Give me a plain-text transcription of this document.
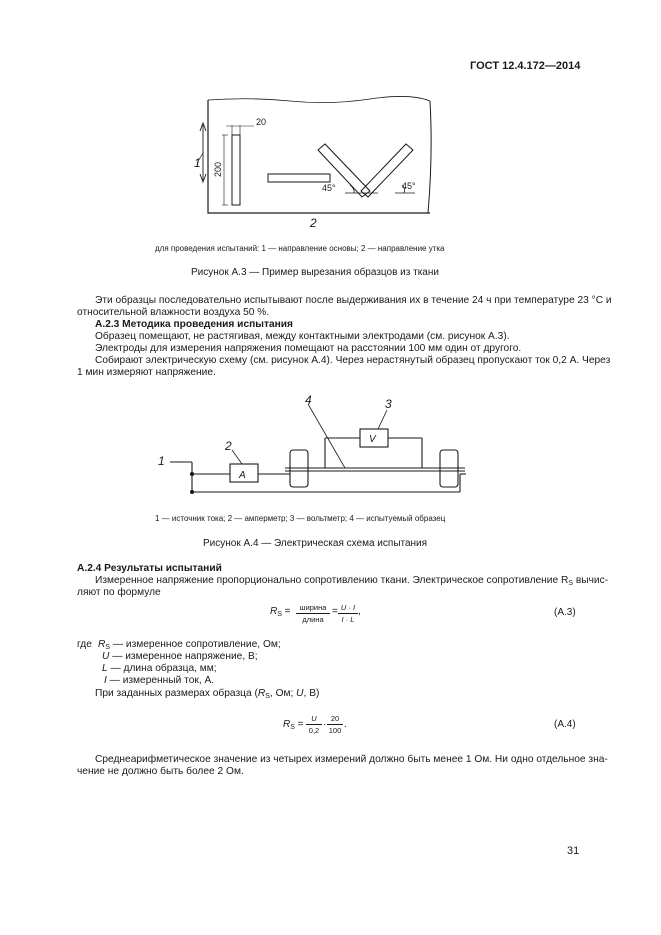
ГОСТ 12.4.172—2014
20
200
1
2
45°	45°
для проведения испытаний: 1 — направление основы; 2 — направление утка
Рисунок А.3 — Пример вырезания образцов из ткани
Эти образцы последовательно испытывают после выдерживания их в течение 24 ч при температуре 23 °С и
относительной влажности воздуха 50 %.
А.2.3 Методика проведения испытания
Образец помещают, не растягивая, между контактными электродами (см. рисунок А.3).
Электроды для измерения напряжения помещают на расстоянии 100 мм один от другого.
Собирают электрическую схему (см. рисунок А.4). Через нерастянутый образец пропускают ток 0,2 А. Через
1 мин измеряют напряжение.
1
2
3
4
A
V
1 — источник тока; 2 — амперметр; 3 — вольтметр; 4 — испытуемый образец
Рисунок А.4 — Электрическая схема испытания
А.2.4 Результаты испытаний
Измеренное напряжение пропорционально сопротивлению ткани. Электрическое сопротивление RS вычис-
ляют по формуле
$R_S$ =	ширина
длина
= U · I
I · L
,	(А.3)
где RS — измеренное сопротивление, Ом;
U — измеренное напряжение, В;
L — длина образца, мм;
I — измеренный ток, А.
При заданных размерах образца (RS, Ом; U, В)
$R_S$ =
U
0,2
·
20
100
.	(А.4)
Среднеарифметическое значение из четырех измерений должно быть менее 1 Ом. Ни одно отдельное зна-
чение не должно быть более 2 Ом.
31
